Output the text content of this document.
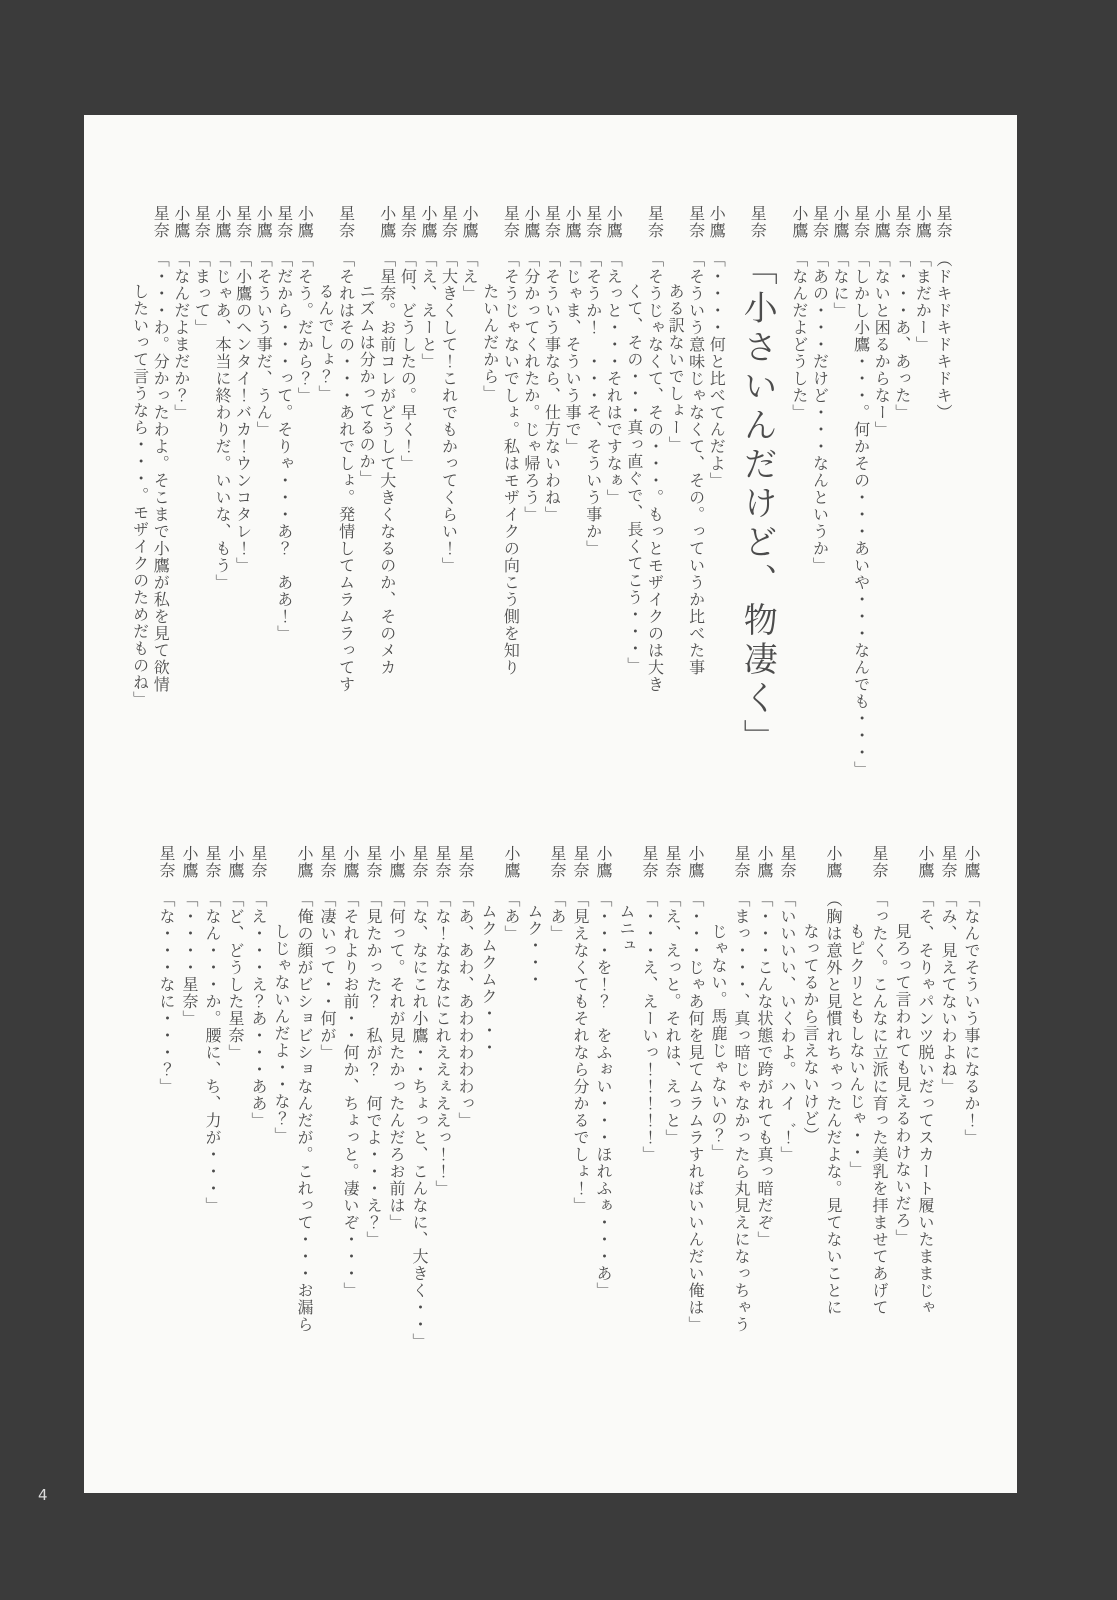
星奈（ドキドキドキドキ）
小鷹「まだかー」
星奈「・・・あ、あった」
小鷹「ないと困るからなー」
星奈「しかし小鷹・・・。何かその・・・あいや・・・なんでも・・・」
小鷹「なに」
星奈「あの・・・だけど・・・なんというか」
小鷹「なんだよどうした」
星奈「小さいんだけど、物凄く」
小鷹「・・・・何と比べてんだよ」
星奈「そういう意味じゃなくて、その。っていうか比べた事
ある訳ないでしょー」
星奈「そうじゃなくて、その・・・。もっとモザイクのは大き
くて、その・・・真っ直ぐで、長くてこう・・・」
小鷹「えっと・・・それはですなぁ」
星奈「そうか！　・・・そ、そういう事か」
小鷹「じゃま、そういう事で」
星奈「そういう事なら、仕方ないわね」
小鷹「分かってくれたか。じゃ帰ろう」
星奈「そうじゃないでしょ。私はモザイクの向こう側を知り
たいんだから」
小鷹「え」
星奈「大きくして！これでもかってくらい！」
小鷹「え、えーと」
星奈「何、どうしたの。早く！」
小鷹「星奈。お前コレがどうして大きくなるのか、そのメカ
ニズムは分かってるのか」
星奈「それはその・・・あれでしょ。発情してムラムラってす
るんでしょ？」
小鷹「そう。だから？」
星奈「だから・・・って。そりゃ・・・あ？　ああ！」
小鷹「そういう事だ、うん」
星奈「小鷹のヘンタイ！バカ！ウンコタレ！」
小鷹「じゃあ、本当に終わりだ。いいな、もう」
星奈「まって」
小鷹「なんだよまだか？」
星奈「・・・わ。分かったわよ。そこまで小鷹が私を見て欲情
したいって言うなら・・・。モザイクのためだものね」
小鷹「なんでそういう事になるか！」
星奈「み、見えてないわよね」
小鷹「そ、そりゃパンツ脱いだってスカート履いたままじゃ
見ろって言われても見えるわけないだろ」
星奈「ったく。こんなに立派に育った美乳を拝ませてあげて
もピクリともしないんじゃ・・」
小鷹（胸は意外と見慣れちゃったんだよな。見てないことに
なってるから言えないけど）
星奈「いいいい、いくわよ。ハイ゛！」
小鷹「・・・こんな状態で跨がれても真っ暗だぞ」
星奈「まっ・・・、真っ暗じゃなかったら丸見えになっちゃう
じゃない。馬鹿じゃないの？」
小鷹「・・・じゃあ何を見てムラムラすればいいんだい俺は」
星奈「え、えっと。それは、えっと」
星奈「・・・え、えーいっ！！！！！」
ムニュ
小鷹「・・・を！？　をふぉい・・・ほれふぁ・・・あ」
星奈「見えなくてもそれなら分かるでしょ！」
星奈「あ」
ムク・・・
小鷹「あ」
ムクムクムク・・・
星奈「あ、あわ、あわわわわわっ」
星奈「な！なななにこれええぇええっ！！」
星奈「な、なにこれ小鷹・・ちょっと、こんなに、大きく・・」
小鷹「何って。それが見たかったんだろお前は」
星奈「見たかった？　私が？　何でよ・・・え？」
小鷹「それよりお前・・何か、ちょっと。凄いぞ・・・」
星奈「凄いって・・何が」
小鷹「俺の顔がビショビショなんだが。これって・・・お漏ら
しじゃないんだよ・・な？」
星奈「え・・・え？あ・・・ああ」
小鷹「ど、どうした星奈」
星奈「なん・・・か。腰に、ち、力が・・・」
小鷹「・・・・星奈」
星奈「な・・・なに・・・？」
4
